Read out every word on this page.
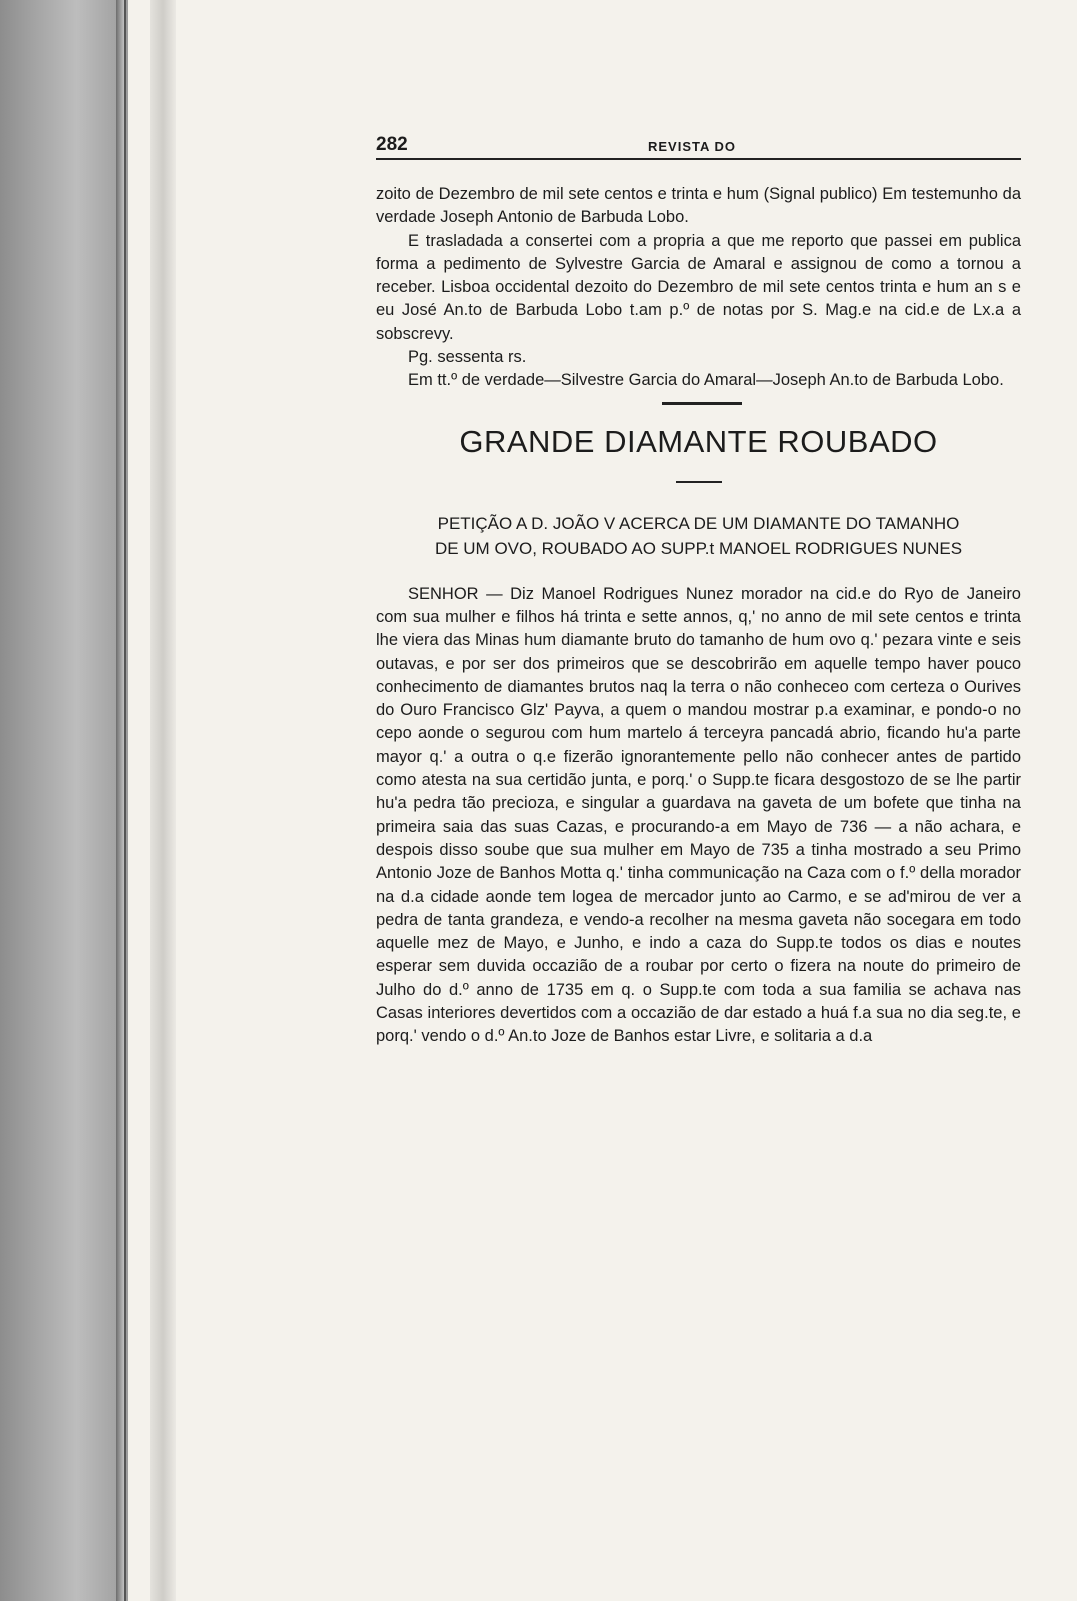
282	REVISTA DO

zoito de Dezembro de mil sete centos e trinta e hum (Signal publico) Em testemunho da verdade Joseph Antonio de Barbuda Lobo.

E trasladada a consertei com a propria a que me reporto que passei em publica forma a pedimento de Sylvestre Garcia de Amaral e assignou de como a tornou a receber. Lisboa occidental dezoito do Dezembro de mil sete centos trinta e hum an s e eu José An.to de Barbuda Lobo t.am p.º de notas por S. Mag.e na cid.e de Lx.a a sobscrevy.

Pg. sessenta rs.

Em tt.º de verdade—Silvestre Garcia do Amaral—Joseph An.to de Barbuda Lobo.

GRANDE DIAMANTE ROUBADO
PETIÇÃO A D. JOÃO V ACERCA DE UM DIAMANTE DO TAMANHO
DE UM OVO, ROUBADO AO SUPP.t MANOEL RODRIGUES NUNES

SENHOR — Diz Manoel Rodrigues Nunez morador na cid.e do Ryo de Janeiro com sua mulher e filhos há trinta e sette annos, q,' no anno de mil sete centos e trinta lhe viera das Minas hum diamante bruto do tamanho de hum ovo q.' pezara vinte e seis outavas, e por ser dos primeiros que se descobrirão em aquelle tempo haver pouco conhecimento de diamantes brutos naq la terra o não conheceo com certeza o Ourives do Ouro Francisco Glz' Payva, a quem o mandou mostrar p.a examinar, e pondo-o no cepo aonde o segurou com hum martelo á terceyra pancadá abrio, ficando hu'a parte mayor q.' a outra o q.e fizerão ignorantemente pello não conhecer antes de partido como atesta na sua certidão junta, e porq.' o Supp.te ficara desgostozo de se lhe partir hu'a pedra tão precioza, e singular a guardava na gaveta de um bofete que tinha na primeira saia das suas Cazas, e procurando-a em Mayo de 736 — a não achara, e despois disso soube que sua mulher em Mayo de 735 a tinha mostrado a seu Primo Antonio Joze de Banhos Motta q.' tinha communicação na Caza com o f.º della morador na d.a cidade aonde tem logea de mercador junto ao Carmo, e se ad'mirou de ver a pedra de tanta grandeza, e vendo-a recolher na mesma gaveta não socegara em todo aquelle mez de Mayo, e Junho, e indo a caza do Supp.te todos os dias e noutes esperar sem duvida occazião de a roubar por certo o fizera na noute do primeiro de Julho do d.º anno de 1735 em q. o Supp.te com toda a sua familia se achava nas Casas interiores devertidos com a occazião de dar estado a huá f.a sua no dia seg.te, e porq.' vendo o d.º An.to Joze de Banhos estar Livre, e solitaria a d.a
